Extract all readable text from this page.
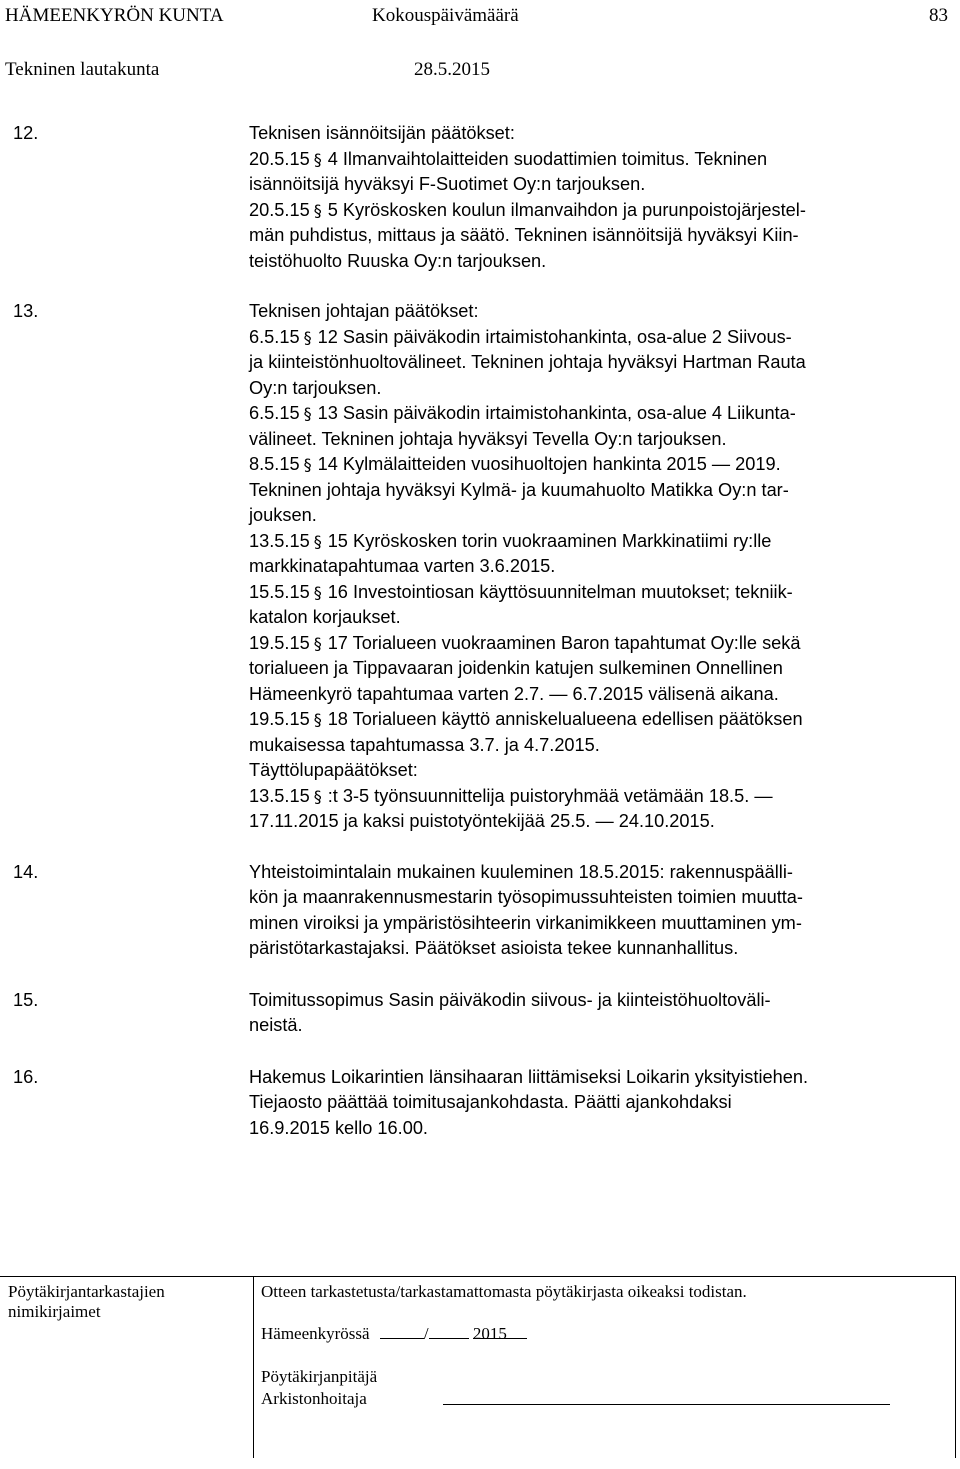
HÄMEENKYRÖN KUNTA	Kokouspäivämäärä	83
Tekninen lautakunta	28.5.2015
12.	Teknisen isännöitsijän päätökset:
20.5.15 § 4 Ilmanvaihtolaitteiden suodattimien toimitus. Tekninen
isännöitsijä hyväksyi F-Suotimet Oy:n tarjouksen.
20.5.15 § 5 Kyröskosken koulun ilmanvaihdon ja purunpoistojärjestel-
män puhdistus, mittaus ja säätö. Tekninen isännöitsijä hyväksyi Kiin-
teistöhuolto Ruuska Oy:n tarjouksen.
13.	Teknisen johtajan päätökset:
6.5.15 § 12 Sasin päiväkodin irtaimistohankinta, osa-alue 2 Siivous-
ja kiinteistönhuoltovälineet. Tekninen johtaja hyväksyi Hartman Rauta
Oy:n tarjouksen.
6.5.15 § 13 Sasin päiväkodin irtaimistohankinta, osa-alue 4 Liikunta-
välineet. Tekninen johtaja hyväksyi Tevella Oy:n tarjouksen.
8.5.15 § 14 Kylmälaitteiden vuosihuoltojen hankinta 2015 — 2019.
Tekninen johtaja hyväksyi Kylmä- ja kuumahuolto Matikka Oy:n tar-
jouksen.
13.5.15 § 15 Kyröskosken torin vuokraaminen Markkinatiimi ry:lle
markkinatapahtumaa varten 3.6.2015.
15.5.15 § 16 Investointiosan käyttösuunnitelman muutokset; tekniik-
katalon korjaukset.
19.5.15 § 17 Torialueen vuokraaminen Baron tapahtumat Oy:lle sekä
torialueen ja Tippavaaran joidenkin katujen sulkeminen Onnellinen
Hämeenkyrö tapahtumaa varten 2.7. — 6.7.2015 välisenä aikana.
19.5.15 § 18 Torialueen käyttö anniskelualueena edellisen päätöksen
mukaisessa tapahtumassa 3.7. ja 4.7.2015.
Täyttölupapäätökset:
13.5.15 § :t 3-5 työnsuunnittelija puistoryhmää vetämään 18.5. —
17.11.2015 ja kaksi puistotyöntekijää 25.5. — 24.10.2015.
14.	Yhteistoimintalain mukainen kuuleminen 18.5.2015: rakennuspäälli-
kön ja maanrakennusmestarin työsopimussuhteisten toimien muutta-
minen viroiksi ja ympäristösihteerin virkanimikkeen muuttaminen ym-
päristötarkastajaksi. Päätökset asioista tekee kunnanhallitus.
15.	Toimitussopimus Sasin päiväkodin siivous- ja kiinteistöhuoltoväli-
neistä.
16.	Hakemus Loikarintien länsihaaran liittämiseksi Loikarin yksityistiehen.
Tiejaosto päättää toimitusajankohdasta. Päätti ajankohdaksi
16.9.2015 kello 16.00.
Pöytäkirjantarkastajien
nimikirjaimet
Otteen tarkastetusta/tarkastamattomasta pöytäkirjasta oikeaksi todistan.
Hämeenkyrössä	/	2015
Pöytäkirjanpitäjä
Arkistonhoitaja
